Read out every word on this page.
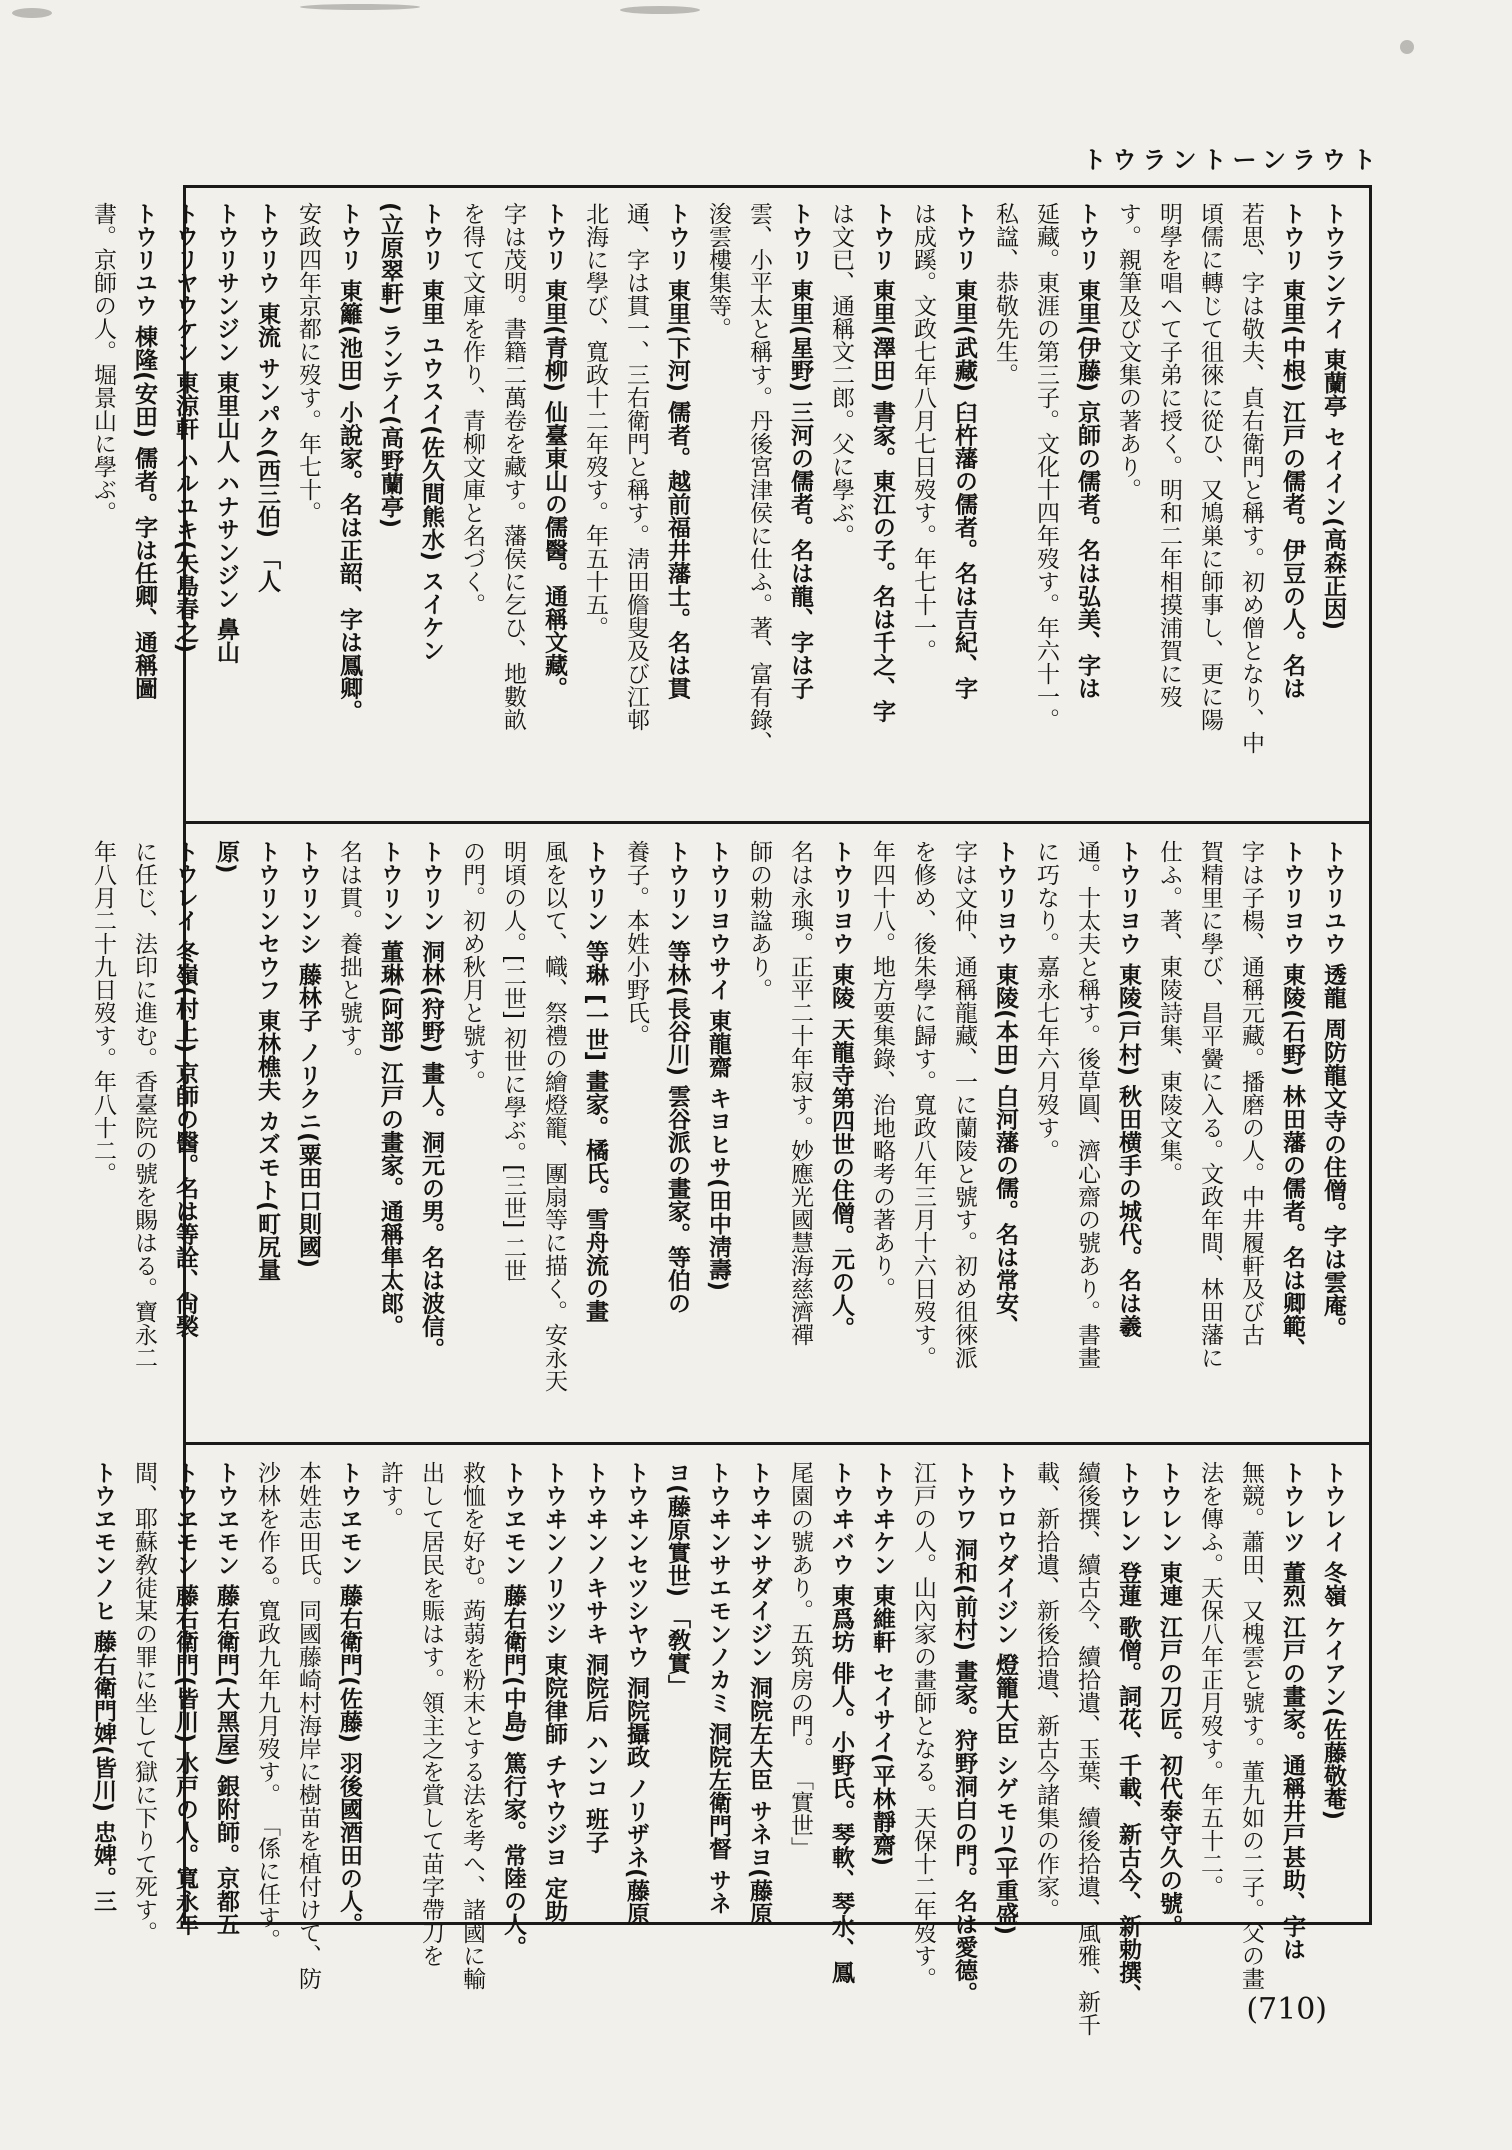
トウラントーンラウト
トウランテイ 東蘭亭 セイイン(高森正因)
トウリ 東里(中根) 江戸の儒者。伊豆の人。名は
若思、字は敬夫、貞右衛門と稱す。初め僧となり、中
頃儒に轉じて徂徠に從ひ、又鳩巣に師事し、更に陽
明學を唱へて子弟に授く。明和二年相摸浦賀に歿
す。親筆及び文集の著あり。
トウリ 東里(伊藤) 京師の儒者。名は弘美、字は
延藏。東涯の第三子。文化十四年歿す。年六十一。
私諡、恭敬先生。
トウリ 東里(武藏) 臼杵藩の儒者。名は吉紀、字
は成蹊。文政七年八月七日歿す。年七十一。
トウリ 東里(澤田) 書家。東江の子。名は千之、字
は文已、通稱文二郎。父に學ぶ。
トウリ 東里(星野) 三河の儒者。名は龍、字は子
雲、小平太と稱す。丹後宮津侯に仕ふ。著、富有錄、
浚雲樓集等。
トウリ 東里(下河) 儒者。越前福井藩士。名は貫
通、字は貫一、三右衛門と稱す。淸田儋叟及び江邨
北海に學び、寬政十二年歿す。年五十五。
トウリ 東里(青柳) 仙臺東山の儒醫。通稱文藏。
字は茂明。書籍二萬卷を藏す。藩侯に乞ひ、地數畝
を得て文庫を作り、青柳文庫と名づく。
トウリ 東里 ユウスイ(佐久間熊水) スイケン
(立原翠軒) ランテイ(高野蘭亭)
トウリ 東籬(池田) 小說家。名は正韶、字は鳳卿。
安政四年京都に歿す。年七十。
トウリウ 東流 サンパク(西三伯) 「人
トウリサンジン 東里山人 ハナサンジン 鼻山
トウリヤウケン 東涼軒 ハルユキ(矢島春之)
トウリユウ 棟隆(安田) 儒者。字は任卿、通稱圖
書。京師の人。堀景山に學ぶ。
トウリユウ 透龍 周防龍文寺の住僧。字は雲庵。
トウリヨウ 東陵(石野) 林田藩の儒者。名は卿範、
字は子楊、通稱元藏。播磨の人。中井履軒及び古
賀精里に學び、昌平黌に入る。文政年間、林田藩に
仕ふ。著、東陵詩集、東陵文集。
トウリヨウ 東陵(戸村) 秋田横手の城代。名は羲
通。十太夫と稱す。後草圓、濟心齋の號あり。書畫
に巧なり。嘉永七年六月歿す。
トウリヨウ 東陵(本田) 白河藩の儒。名は常安、
字は文仲、通稱龍藏、一に蘭陵と號す。初め徂徠派
を修め、後朱學に歸す。寬政八年三月十六日歿す。
年四十八。地方要集錄、治地略考の著あり。
トウリヨウ 東陵 天龍寺第四世の住僧。元の人。
名は永璵。正平二十年寂す。妙應光國慧海慈濟禪
師の勅諡あり。
トウリヨウサイ 東龍齋 キヨヒサ(田中淸壽)
トウリン 等林(長谷川) 雲谷派の畫家。等伯の
養子。本姓小野氏。
トウリン 等琳 [一世] 畫家。橘氏。雪舟流の畫
風を以て、幟、祭禮の繪燈籠、團扇等に描く。安永天
明頃の人。[二世] 初世に學ぶ。[三世] 二世
の門。初め秋月と號す。
トウリン 洞林(狩野) 畫人。洞元の男。名は波信。
トウリン 董琳(阿部) 江戸の畫家。通稱隼太郎。
名は貫。養拙と號す。
トウリンシ 藤林子 ノリクニ(粟田口則國)
トウリンセウフ 東林樵夫 カズモト(町尻量
原)
トウレイ 冬嶺(村上) 京師の醫。名は等詮、尙褧
に任じ、法印に進む。香臺院の號を賜はる。寶永二
年八月二十九日歿す。年八十二。
トウレイ 冬嶺 ケイアン(佐藤敬菴)
トウレツ 董烈 江戸の畫家。通稱井戸甚助、字は
無競。蕭田、又槐雲と號す。董九如の二子。父の畫
法を傳ふ。天保八年正月歿す。年五十二。
トウレン 東連 江戸の刀匠。初代泰守久の號。
トウレン 登蓮 歌僧。詞花、千載、新古今、新勅撰、
續後撰、續古今、續拾遺、玉葉、續後拾遺、風雅、新千
載、新拾遺、新後拾遺、新古今諸集の作家。
トウロウダイジン 燈籠大臣 シゲモリ(平重盛)
トウワ 洞和(前村) 畫家。狩野洞白の門。名は愛德。
江戸の人。山內家の畫師となる。天保十二年歿す。
トウヰケン 東維軒 セイサイ(平林靜齋)
トウヰバウ 東爲坊 俳人。小野氏。琴軟、琴水、鳳
尾園の號あり。五筑房の門。 「實世」
トウヰンサダイジン 洞院左大臣 サネヨ(藤原
トウヰンサエモンノカミ 洞院左衛門督 サネ
ヨ(藤原實世) 「敎實」
トウヰンセツシヤウ 洞院攝政 ノリザネ(藤原
トウヰンノキサキ 洞院后 ハンコ 班子
トウヰンノリツシ 東院律師 チヤウジヨ 定助
トウヱモン 藤右衛門(中島) 篤行家。常陸の人。
救恤を好む。蒟蒻を粉末とする法を考へ、諸國に輸
出して居民を賑はす。領主之を賞して苗字帶刀を
許す。
トウヱモン 藤右衛門(佐藤) 羽後國酒田の人。
本姓志田氏。同國藤崎村海岸に樹苗を植付けて、防
沙林を作る。寬政九年九月歿す。 「係に任す。
トウヱモン 藤右衛門(大黑屋) 銀附師。京都五
トウヱモン 藤右衛門(皆川) 水戸の人。寬永年
間、耶蘇敎徒某の罪に坐して獄に下りて死す。
トウヱモンノヒ 藤右衛門婢(皆川) 忠婢。三
(710)
